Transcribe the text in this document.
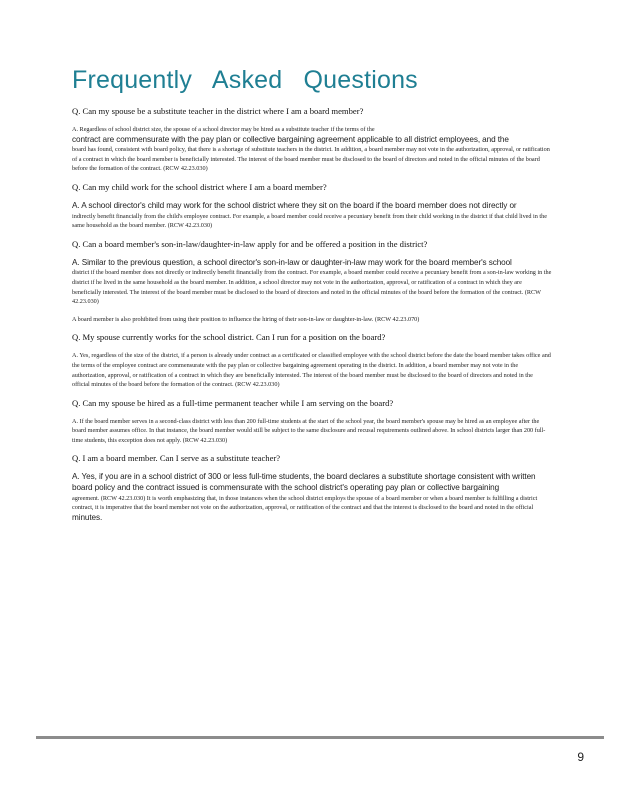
Frequently Asked Questions

Q. Can my spouse be a substitute teacher in the district where I am a board member?

A. Regardless of school district size, the spouse of a school director may be hired as a substitute teacher if the terms of the
contract are commensurate with the pay plan or collective bargaining agreement applicable to all district employees, and the
board has found, consistent with board policy, that there is a shortage of substitute teachers in the district. In addition, a board member may not vote in the authorization, approval, or ratification of a contract in which the board member is beneficially interested. The interest of the board member must be disclosed to the board of directors and noted in the official minutes of the board before the formation of the contract. (RCW 42.23.030)

Q. Can my child work for the school district where I am a board member?

A. A school director's child may work for the school district where they sit on the board if the board member does not directly or
indirectly benefit financially from the child's employee contract. For example, a board member could receive a pecuniary benefit from their child working in the district if that child lived in the same household as the board member. (RCW 42.23.030)

Q. Can a board member's son-in-law/daughter-in-law apply for and be offered a position in the district?

A. Similar to the previous question, a school director's son-in-law or daughter-in-law may work for the board member's school
district if the board member does not directly or indirectly benefit financially from the contract. For example, a board member could receive a pecuniary benefit from a son-in-law working in the district if he lived in the same household as the board member. In addition, a school director may not vote in the authorization, approval, or ratification of a contract in which they are beneficially interested. The interest of the board member must be disclosed to the board of directors and noted in the official minutes of the board before the formation of the contract. (RCW 42.23.030)

A board member is also prohibited from using their position to influence the hiring of their son-in-law or daughter-in-law. (RCW 42.23.070)

Q. My spouse currently works for the school district. Can I run for a position on the board?

A. Yes, regardless of the size of the district, if a person is already under contract as a certificated or classified employee with the school district before the date the board member takes office and the terms of the employee contract are commensurate with the pay plan or collective bargaining agreement operating in the district. In addition, a board member may not vote in the authorization, approval, or ratification of a contract in which they are beneficially interested. The interest of the board member must be disclosed to the board of directors and noted in the official minutes of the board before the formation of the contract. (RCW 42.23.030)

Q. Can my spouse be hired as a full-time permanent teacher while I am serving on the board?

A. If the board member serves in a second-class district with less than 200 full-time students at the start of the school year, the board member's spouse may be hired as an employee after the board member assumes office. In that instance, the board member would still be subject to the same disclosure and recusal requirements outlined above. In school districts larger than 200 full-time students, this exception does not apply. (RCW 42.23.030)

Q. I am a board member. Can I serve as a substitute teacher?

A. Yes, if you are in a school district of 300 or less full-time students, the board declares a substitute shortage consistent with written board policy and the contract issued is commensurate with the school district's operating pay plan or collective bargaining
agreement. (RCW 42.23.030) It is worth emphasizing that, in those instances when the school district employs the spouse of a board member or when a board member is fulfilling a district contract, it is imperative that the board member not vote on the authorization, approval, or ratification of the contract and that the interest is disclosed to the board and noted in the official
minutes.

9
